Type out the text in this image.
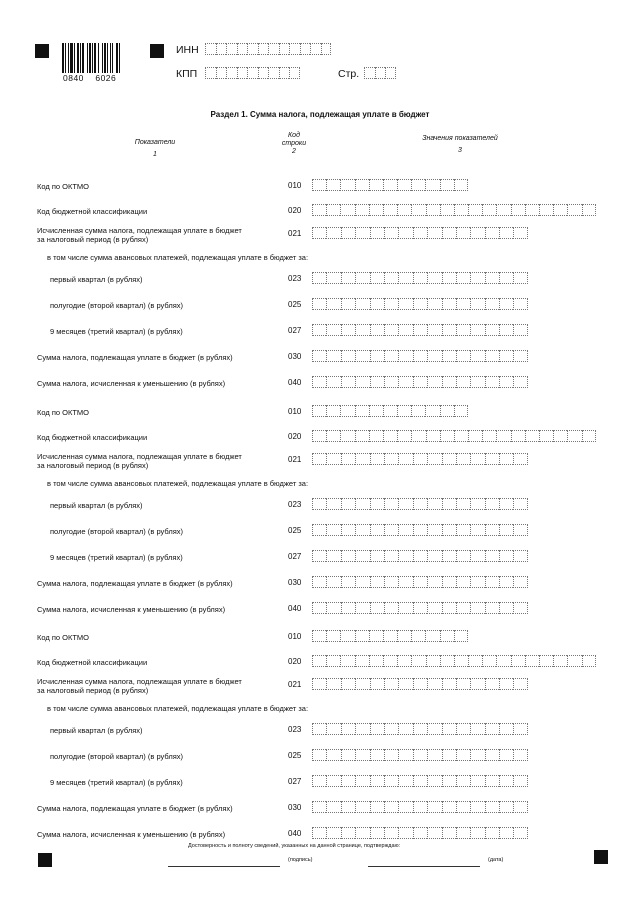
0840    6026
ИНН
КПП	Стр.
Раздел 1. Сумма налога, подлежащая уплате в бюджет
Показатели
1
Код
строки
2
Значения показателей
3
Код по ОКТМО	010
Код бюджетной классификации	020
Исчисленная сумма налога, подлежащая уплате в бюджет
за налоговый период (в рублях)
021
в том числе сумма авансовых платежей, подлежащая уплате в бюджет за:
первый квартал (в рублях)	023
полугодие (второй квартал) (в рублях)	025
9 месяцев (третий квартал) (в рублях)	027
Сумма налога, подлежащая уплате в бюджет (в рублях)	030
Сумма налога, исчисленная к уменьшению (в рублях)	040
Код по ОКТМО	010
Код бюджетной классификации	020
Исчисленная сумма налога, подлежащая уплате в бюджет
за налоговый период (в рублях)
021
в том числе сумма авансовых платежей, подлежащая уплате в бюджет за:
первый квартал (в рублях)	023
полугодие (второй квартал) (в рублях)	025
9 месяцев (третий квартал) (в рублях)	027
Сумма налога, подлежащая уплате в бюджет (в рублях)	030
Сумма налога, исчисленная к уменьшению (в рублях)	040
Код по ОКТМО	010
Код бюджетной классификации	020
Исчисленная сумма налога, подлежащая уплате в бюджет
за налоговый период (в рублях)
021
в том числе сумма авансовых платежей, подлежащая уплате в бюджет за:
первый квартал (в рублях)	023
полугодие (второй квартал) (в рублях)	025
9 месяцев (третий квартал) (в рублях)	027
Сумма налога, подлежащая уплате в бюджет (в рублях)	030
Сумма налога, исчисленная к уменьшению (в рублях)	040
Достоверность и полноту сведений, указанных на данной странице, подтверждаю:
(подпись)	(дата)
